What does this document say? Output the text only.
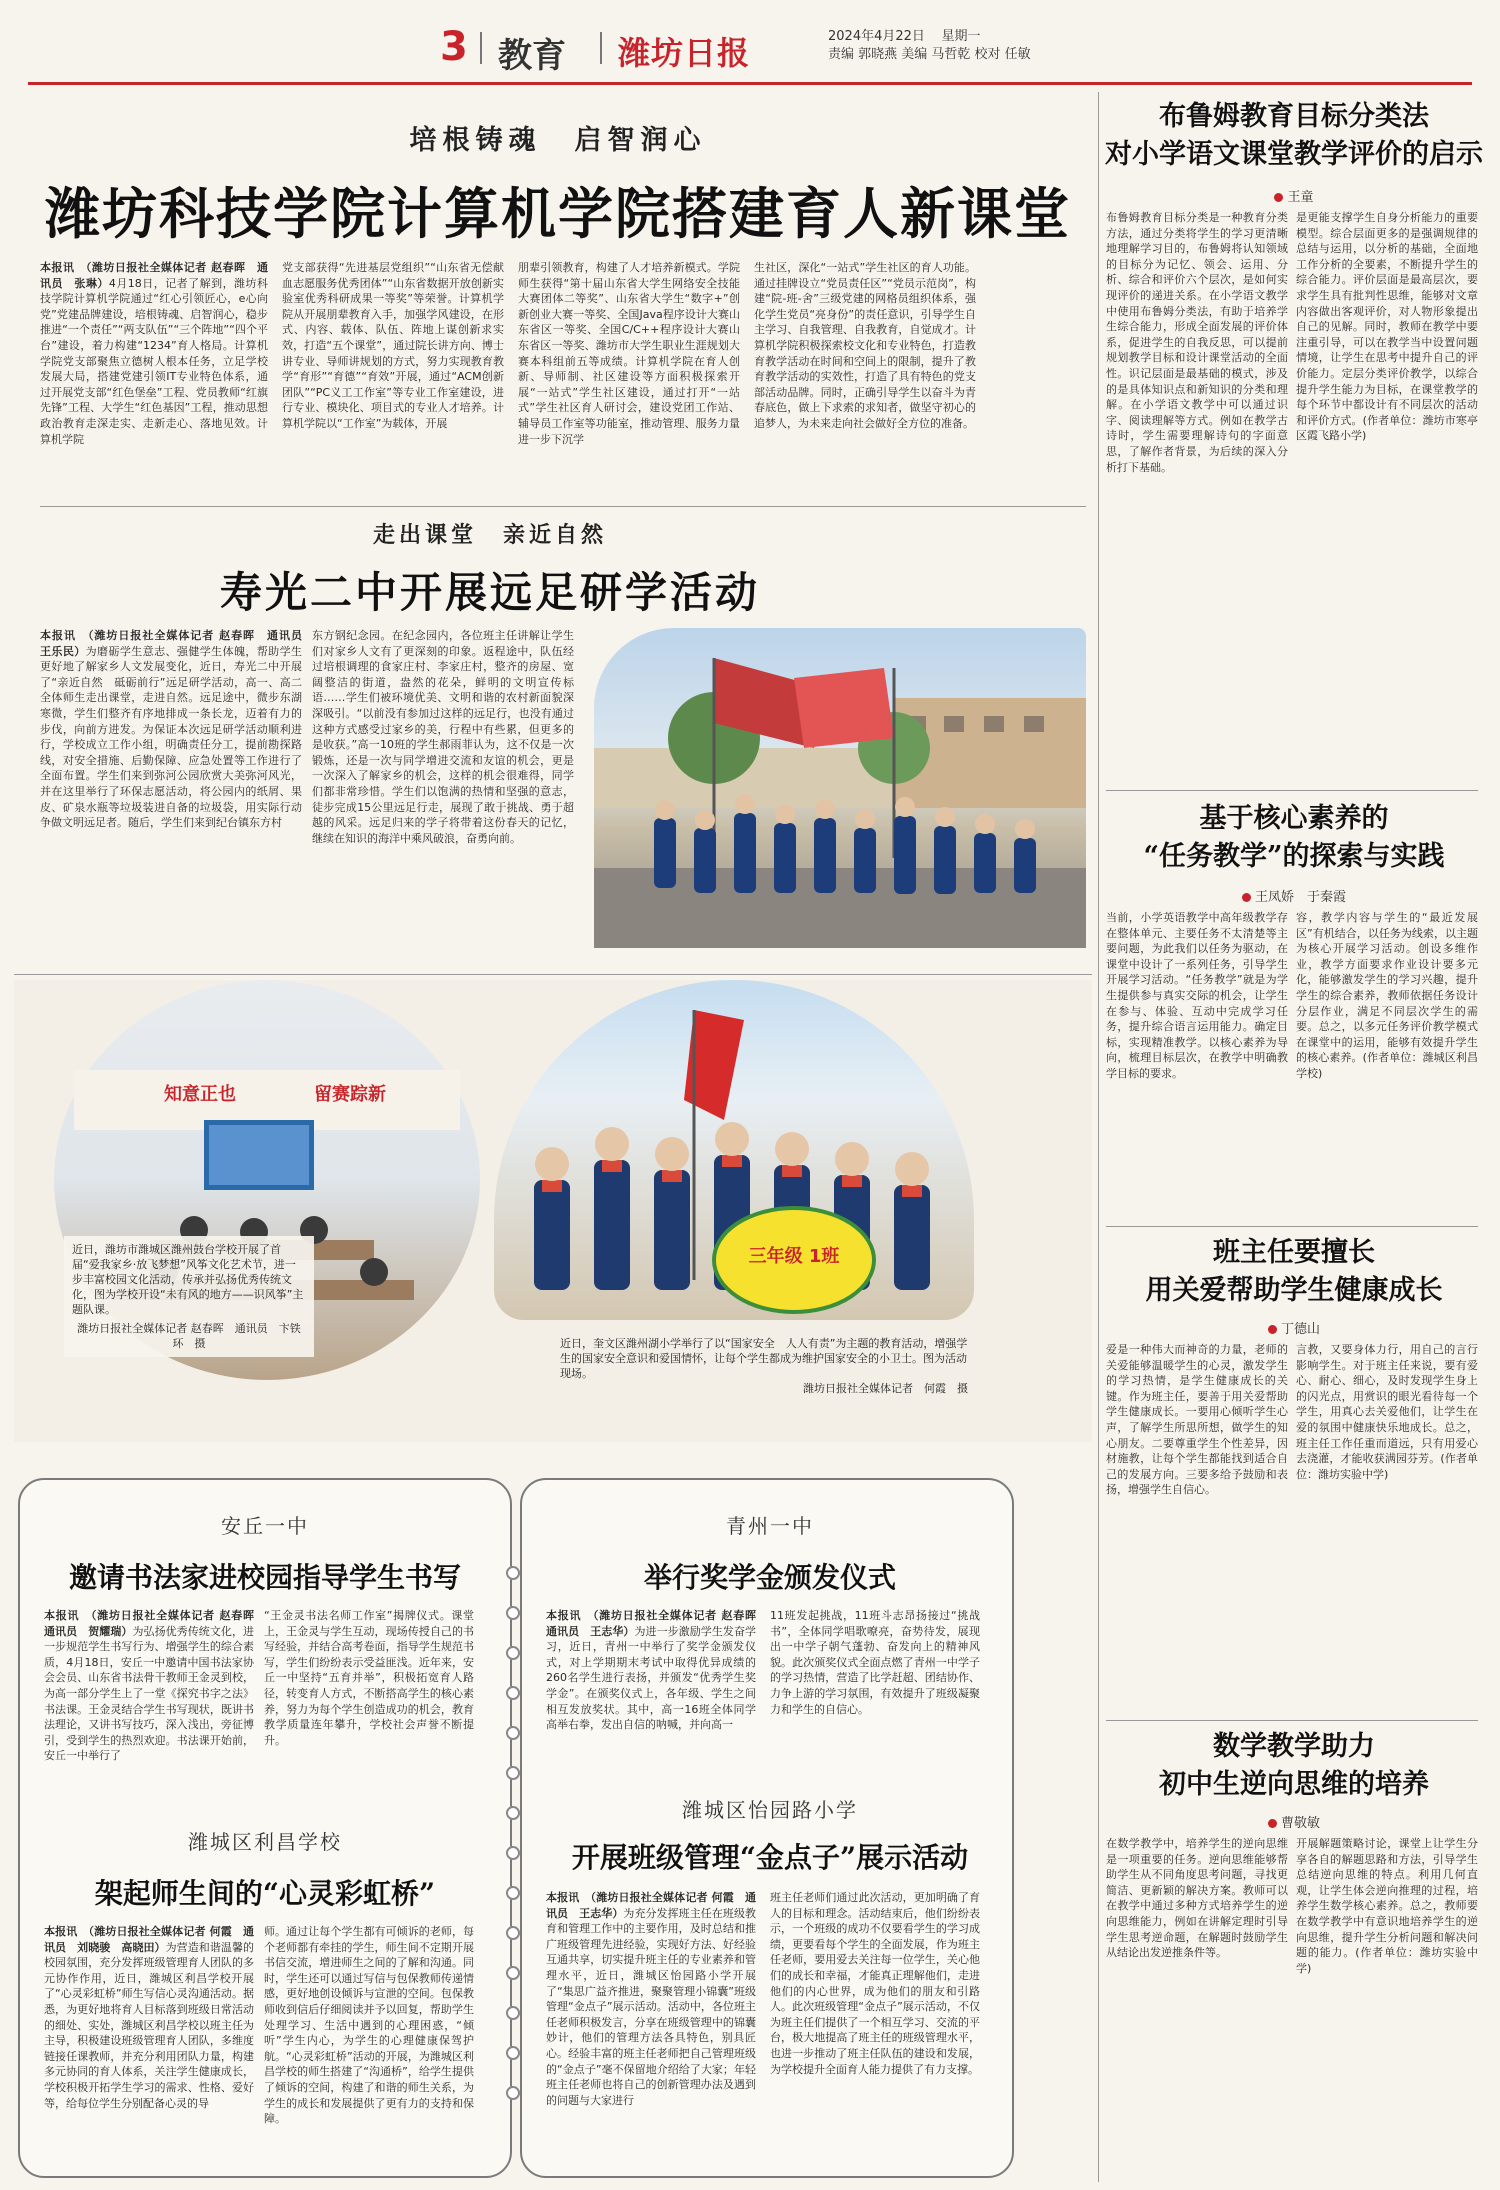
3 教育 潍坊日报	2024年4月22日 星期一
责编 郭晓燕 美编 马哲乾 校对 任敏
培根铸魂　启智润心
潍坊科技学院计算机学院搭建育人新课堂
本报讯　（潍坊日报社全媒体记者 赵春晖　通讯员　张琳）4月18日，记者了解到，潍坊科技学院计算机学院通过“红心引领匠心，e心向党”党建品牌建设，培根铸魂、启智润心，稳步推进“一个责任”“两支队伍”“三个阵地”“四个平台”建设，着力构建“1234”育人格局。计算机学院党支部聚焦立德树人根本任务，立足学校发展大局，搭建党建引领IT专业特色体系，通过开展党支部“红色堡垒”工程、党员教师“红旗先锋”工程、大学生“红色基因”工程，推动思想政治教育走深走实、走新走心、落地见效。计算机学院
党支部获得“先进基层党组织”“山东省无偿献血志愿服务优秀团体”“山东省数据开放创新实验室优秀科研成果一等奖”等荣誉。计算机学院从开展朋辈教育入手，加强学风建设，在形式、内容、载体、队伍、阵地上谋创新求实效，打造“五个课堂”，通过院长讲方向、博士讲专业、导师讲规划的方式，努力实现教育教学“育形”“育德”“育效”开展，通过“ACM创新团队”“PC义工工作室”等专业工作室建设，进行专业、模块化、项目式的专业人才培养。计算机学院以“工作室”为载体，开展
朋辈引领教育，构建了人才培养新模式。学院师生获得“第十届山东省大学生网络安全技能大赛团体二等奖”、山东省大学生“数字+”创新创业大赛一等奖、全国Java程序设计大赛山东省区一等奖、全国C/C++程序设计大赛山东省区一等奖、潍坊市大学生职业生涯规划大赛本科组前五等成绩。计算机学院在育人创新、导师制、社区建设等方面积极探索开展“一站式”学生社区建设，通过打开“一站式”学生社区育人研讨会，建设党团工作站、辅导员工作室等功能室，推动管理、服务力量进一步下沉学
生社区，深化“一站式”学生社区的育人功能。通过挂牌设立“党员责任区”“党员示范岗”，构建“院-班-舍”三级党建的网格员组织体系，强化学生党员“亮身份”的责任意识，引导学生自主学习、自我管理、自我教育，自觉成才。计算机学院积极探索校文化和专业特色，打造教育教学活动在时间和空间上的限制，提升了教育教学活动的实效性，打造了具有特色的党支部活动品牌。同时，正确引导学生以奋斗为青春底色，做上下求索的求知者，做坚守初心的追梦人，为未来走向社会做好全方位的准备。
走出课堂　亲近自然
寿光二中开展远足研学活动
本报讯　（潍坊日报社全媒体记者 赵春晖　通讯员　王乐民）为磨砺学生意志、强健学生体魄，帮助学生更好地了解家乡人文发展变化，近日，寿光二中开展了“亲近自然　砥砺前行”远足研学活动，高一、高二全体师生走出课堂，走进自然。远足途中，微步东湖寒微，学生们整齐有序地排成一条长龙，迈着有力的步伐，向前方进发。为保证本次远足研学活动顺利进行，学校成立工作小组，明确责任分工，提前勘探路线，对安全措施、后勤保障、应急处置等工作进行了全面布置。学生们来到弥河公园欣赏大美弥河风光，并在这里举行了环保志愿活动，将公园内的纸屑、果皮、矿泉水瓶等垃圾装进自备的垃圾袋，用实际行动争做文明远足者。随后，学生们来到纪台镇东方村
东方钢纪念园。在纪念园内，各位班主任讲解让学生们对家乡人文有了更深刻的印象。返程途中，队伍经过培根调理的食家庄村、李家庄村，整齐的房屋、宽阔整洁的街道，盎然的花朵，鲜明的文明宣传标语……学生们被环境优美、文明和谐的农村新面貌深深吸引。“以前没有参加过这样的远足行，也没有通过这种方式感受过家乡的美，行程中有些累，但更多的是收获。”高一10班的学生郝雨菲认为，这不仅是一次锻炼，还是一次与同学增进交流和友谊的机会，更是一次深入了解家乡的机会，这样的机会很难得，同学们都非常珍惜。学生们以饱满的热情和坚强的意志，徒步完成15公里远足行走，展现了敢于挑战、勇于超越的风采。远足归来的学子将带着这份春天的记忆，继续在知识的海洋中乘风破浪，奋勇向前。
知意正也	留赛踪新
近日，潍坊市潍城区潍州鼓台学校开展了首届“爱我家乡·放飞梦想”风筝文化艺术节，进一步丰富校园文化活动，传承并弘扬优秀传统文化，图为学校开设“未有风的地方——识风筝”主题队课。
潍坊日报社全媒体记者 赵春晖　通讯员　卞铁环　摄
三年级 1班
近日，奎文区潍州湖小学举行了以“国家安全　人人有责”为主题的教育活动，增强学生的国家安全意识和爱国情怀，让每个学生都成为维护国家安全的小卫士。图为活动现场。
潍坊日报社全媒体记者　何霞　摄
安丘一中
邀请书法家进校园指导学生书写
本报讯　（潍坊日报社全媒体记者 赵春晖　通讯员　贺耀瑞）为弘扬优秀传统文化，进一步规范学生书写行为、增强学生的综合素质，4月18日，安丘一中邀请中国书法家协会会员、山东省书法骨干教师王金灵到校，为高一部分学生上了一堂《探究书字之法》书法课。王金灵结合学生书写现状，既讲书法理论，又讲书写技巧，深入浅出，旁征博引，受到学生的热烈欢迎。书法课开始前，安丘一中举行了
“王金灵书法名师工作室”揭牌仪式。课堂上，王金灵与学生互动，现场传授自己的书写经验，并结合高考卷面，指导学生规范书写，学生们纷纷表示受益匪浅。近年来，安丘一中坚持“五育并举”，积极拓宽育人路径，转变育人方式，不断搭高学生的核心素养，努力为每个学生创造成功的机会，教育教学质量连年攀升，学校社会声誉不断提升。
潍城区利昌学校
架起师生间的“心灵彩虹桥”
本报讯　（潍坊日报社全媒体记者 何霞　通讯员　刘晓骏　高晓田）为营造和谐温馨的校园氛围，充分发挥班级管理育人团队的多元协作作用，近日，潍城区利昌学校开展了“心灵彩虹桥”师生写信心灵沟通活动。据悉，为更好地将育人目标落到班级日常活动的细处、实处，潍城区利昌学校以班主任为主导，积极建设班级管理育人团队，多维度链接任课教师，并充分利用团队力量，构建多元协同的育人体系，关注学生健康成长，学校积极开拓学生学习的需求、性格、爱好等，给每位学生分别配备心灵的导
师。通过让每个学生都有可倾诉的老师，每个老师都有牵挂的学生，师生间不定期开展书信交流，增进师生之间的了解和沟通。同时，学生还可以通过写信与包保教师传递情感，更好地创设倾诉与宣泄的空间。包保教师收到信后仔细阅读并予以回复，帮助学生处理学习、生活中遇到的心理困惑，“倾听”学生内心，为学生的心理健康保驾护航。“心灵彩虹桥”活动的开展，为潍城区利昌学校的师生搭建了“沟通桥”，给学生提供了倾诉的空间，构建了和谐的师生关系，为学生的成长和发展提供了更有力的支持和保障。
青州一中
举行奖学金颁发仪式
本报讯　（潍坊日报社全媒体记者 赵春晖　通讯员　王志华）为进一步激励学生发奋学习，近日，青州一中举行了奖学金颁发仪式，对上学期期末考试中取得优异成绩的260名学生进行表扬，并颁发“优秀学生奖学金”。在颁奖仪式上，各年级、学生之间相互发放奖状。其中，高一16班全体同学高举右拳，发出自信的呐喊，并向高一
11班发起挑战，11班斗志昂扬接过“挑战书”，全体同学唱歌嘹亮，奋势待发，展现出一中学子朝气蓬勃、奋发向上的精神风貌。此次颁奖仪式全面点燃了青州一中学子的学习热情，营造了比学赶超、团结协作、力争上游的学习氛围，有效提升了班级凝聚力和学生的自信心。
潍城区怡园路小学
开展班级管理“金点子”展示活动
本报讯　（潍坊日报社全媒体记者 何霞　通讯员　王志华）为充分发挥班主任在班级教育和管理工作中的主要作用，及时总结和推广班级管理先进经验，实现好方法、好经验互通共享，切实提升班主任的专业素养和管理水平，近日，潍城区怡园路小学开展了“集思广益齐推进，聚聚管理小锦囊”班级管理“金点子”展示活动。活动中，各位班主任老师积极发言，分享在班级管理中的锦囊妙计，他们的管理方法各具特色，别具匠心。经验丰富的班主任老师把自己管理班级的“金点子”毫不保留地介绍给了大家；年轻班主任老师也将自己的创新管理办法及遇到的问题与大家进行
班主任老师们通过此次活动，更加明确了育人的目标和理念。活动结束后，他们纷纷表示，一个班级的成功不仅要看学生的学习成绩，更要看每个学生的全面发展，作为班主任老师，要用爱去关注每一位学生，关心他们的成长和幸福，才能真正理解他们，走进他们的内心世界，成为他们的朋友和引路人。此次班级管理“金点子”展示活动，不仅为班主任们提供了一个相互学习、交流的平台，极大地提高了班主任的班级管理水平，也进一步推动了班主任队伍的建设和发展，为学校提升全面育人能力提供了有力支撑。
布鲁姆教育目标分类法
对小学语文课堂教学评价的启示
王童
布鲁姆教育目标分类是一种教育分类方法，通过分类将学生的学习更清晰地理解学习目的，布鲁姆将认知领域的目标分为记忆、领会、运用、分析、综合和评价六个层次，是如何实现评价的递进关系。在小学语文教学中使用布鲁姆分类法，有助于培养学生综合能力，形成全面发展的评价体系，促进学生的自我反思，可以提前规划教学目标和设计课堂活动的全面性。识记层面是最基础的模式，涉及的是具体知识点和新知识的分类和理解。在小学语文教学中可以通过识字、阅读理解等方式。例如在教学古诗时，学生需要理解诗句的字面意思，了解作者背景，为后续的深入分析打下基础。
是更能支撑学生自身分析能力的重要模型。综合层面更多的是强调规律的总结与运用，以分析的基础，全面地工作分析的全要素，不断提升学生的综合能力。评价层面是最高层次，要求学生具有批判性思维，能够对文章内容做出客观评价，对人物形象提出自己的见解。同时，教师在教学中要注重引导，可以在教学当中设置问题情境，让学生在思考中提升自己的评价能力。定层分类评价教学，以综合提升学生能力为目标，在课堂教学的每个环节中都设计有不同层次的活动和评价方式。(作者单位：潍坊市寒亭区霞飞路小学)
基于核心素养的
“任务教学”的探索与实践
王凤娇　于秦霞
当前，小学英语教学中高年级教学存在整体单元、主要任务不太清楚等主要问题，为此我们以任务为驱动，在课堂中设计了一系列任务，引导学生开展学习活动。“任务教学”就是为学生提供参与真实交际的机会，让学生在参与、体验、互动中完成学习任务，提升综合语言运用能力。确定目标，实现精准教学。以核心素养为导向，梳理目标层次，在教学中明确教学目标的要求。
容，教学内容与学生的“最近发展区”有机结合，以任务为线索，以主题为核心开展学习活动。创设多维作业，教学方面要求作业设计要多元化，能够激发学生的学习兴趣，提升学生的综合素养，教师依据任务设计分层作业，满足不同层次学生的需要。总之，以多元任务评价教学模式在课堂中的运用，能够有效提升学生的核心素养。(作者单位：潍城区利昌学校)
班主任要擅长
用关爱帮助学生健康成长
丁德山
爱是一种伟大而神奇的力量，老师的关爱能够温暖学生的心灵，激发学生的学习热情，是学生健康成长的关键。作为班主任，要善于用关爱帮助学生健康成长。一要用心倾听学生心声，了解学生所思所想，做学生的知心朋友。二要尊重学生个性差异，因材施教，让每个学生都能找到适合自己的发展方向。三要多给予鼓励和表扬，增强学生自信心。
言教，又要身体力行，用自己的言行影响学生。对于班主任来说，要有爱心、耐心、细心，及时发现学生身上的闪光点，用赏识的眼光看待每一个学生，用真心去关爱他们，让学生在爱的氛围中健康快乐地成长。总之，班主任工作任重而道远，只有用爱心去浇灌，才能收获满园芬芳。(作者单位：潍坊实验中学)
数学教学助力
初中生逆向思维的培养
曹敬敏
在数学教学中，培养学生的逆向思维是一项重要的任务。逆向思维能够帮助学生从不同角度思考问题，寻找更简洁、更新颖的解决方案。教师可以在教学中通过多种方式培养学生的逆向思维能力，例如在讲解定理时引导学生思考逆命题，在解题时鼓励学生从结论出发逆推条件等。
开展解题策略讨论，课堂上让学生分享各自的解题思路和方法，引导学生总结逆向思维的特点。利用几何直观，让学生体会逆向推理的过程，培养学生数学核心素养。总之，教师要在数学教学中有意识地培养学生的逆向思维，提升学生分析问题和解决问题的能力。(作者单位：潍坊实验中学)
